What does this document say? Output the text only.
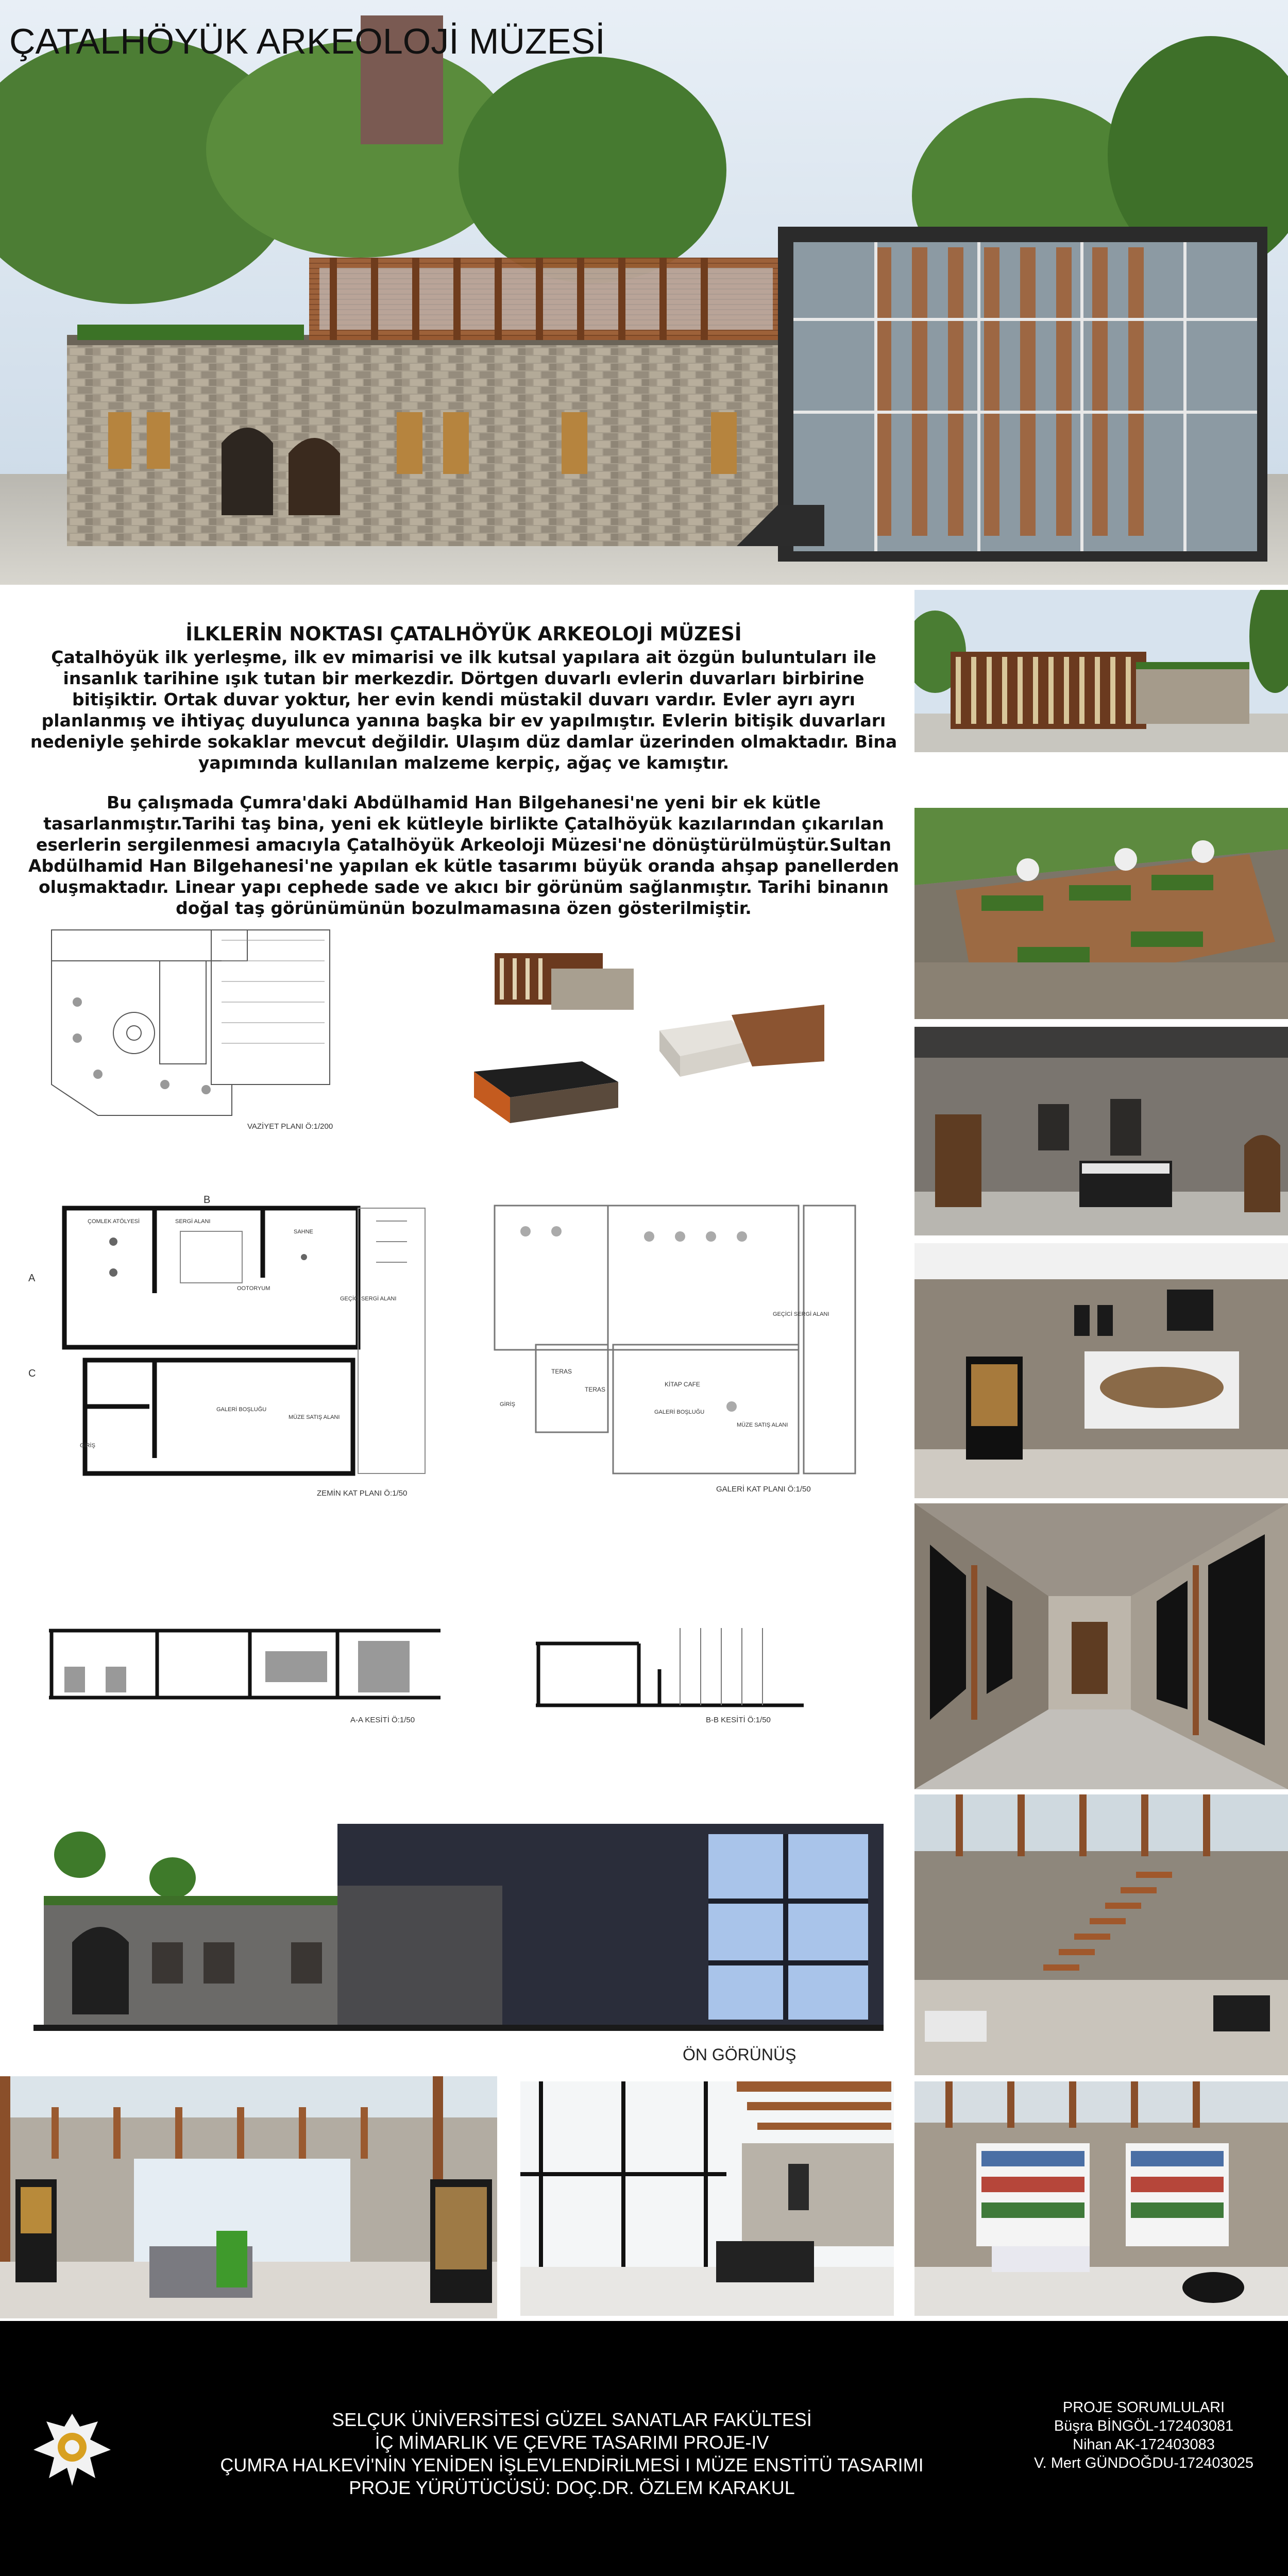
ÇATALHÖYÜK ARKEOLOJİ MÜZESİ
İLKLERİN NOKTASI ÇATALHÖYÜK ARKEOLOJİ MÜZESİ

Çatalhöyük ilk yerleşme, ilk ev mimarisi ve ilk kutsal yapılara ait özgün buluntuları ile insanlık tarihine ışık tutan bir merkezdir. Dörtgen duvarlı evlerin duvarları birbirine bitişiktir. Ortak duvar yoktur, her evin kendi müstakil duvarı vardır. Evler ayrı ayrı planlanmış ve ihtiyaç duyulunca yanına başka bir ev yapılmıştır. Evlerin bitişik duvarları nedeniyle şehirde sokaklar mevcut değildir. Ulaşım düz damlar üzerinden olmaktadır. Bina yapımında kullanılan malzeme kerpiç, ağaç ve kamıştır.

Bu çalışmada Çumra'daki Abdülhamid Han Bilgehanesi'ne yeni bir ek kütle tasarlanmıştır.Tarihi taş bina, yeni ek kütleyle birlikte Çatalhöyük kazılarından çıkarılan eserlerin sergilenmesi amacıyla Çatalhöyük Arkeoloji Müzesi'ne dönüştürülmüştür.Sultan Abdülhamid Han Bilgehanesi'ne yapılan ek kütle tasarımı büyük oranda ahşap panellerden oluşmaktadır. Linear yapı cephede sade ve akıcı bir görünüm sağlanmıştır. Tarihi binanın doğal taş görünümünün bozulmamasına özen gösterilmiştir.

VAZİYET PLANI Ö:1/200
ÇOMLEK ATÖLYESİ	SERGİ ALANI
SAHNE
OOTORYUM
GEÇİCİ SERGİ ALANI
GALERİ BOŞLUĞU
MÜZE SATIŞ ALANI
GİRİŞ
ZEMİN KAT PLANI Ö:1/50
TERAS
KİTAP CAFE
GEÇİCİ SERGİ ALANI
TERAS
GALERİ BOŞLUĞU
MÜZE SATIŞ ALANI
GİRİŞ
GALERİ KAT PLANI Ö:1/50
A
B
C
A-A KESİTİ Ö:1/50	B-B KESİTİ Ö:1/50
ÖN GÖRÜNÜŞ
SELÇUK ÜNİVERSİTESİ GÜZEL SANATLAR FAKÜLTESİ
İÇ MİMARLIK VE ÇEVRE TASARIMI PROJE-IV
ÇUMRA HALKEVİ'NİN YENİDEN İŞLEVLENDİRİLMESİ I MÜZE ENSTİTÜ TASARIMI
PROJE YÜRÜTÜCÜSÜ: DOÇ.DR. ÖZLEM KARAKUL
PROJE SORUMLULARI
Büşra BİNGÖL-172403081
Nihan AK-172403083
V. Mert GÜNDOĞDU-172403025
